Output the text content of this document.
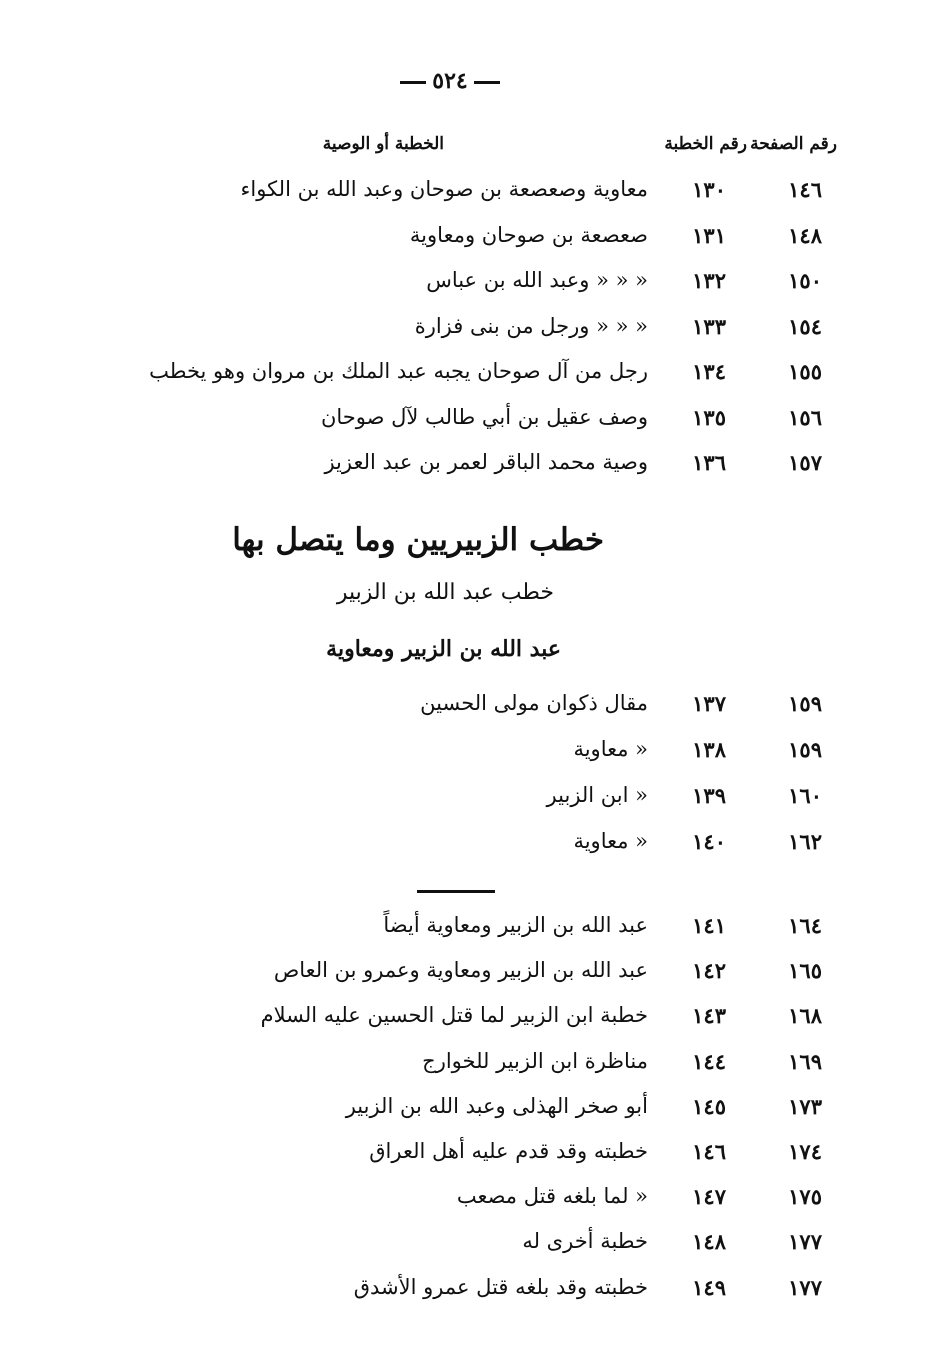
٥٢٤
رقم الصفحة
رقم الخطبة
الخطبة أو الوصية
١٤٦
١٣٠
معاوية وصعصعة بن صوحان وعبد الله بن الكواء
١٤٨
١٣١
صعصعة بن صوحان ومعاوية
١٥٠
١٣٢
« « « وعبد الله بن عباس
١٥٤
١٣٣
« « « ورجل من بنى فزارة
١٥٥
١٣٤
رجل من آل صوحان يجبه عبد الملك بن مروان وهو يخطب
١٥٦
١٣٥
وصف عقيل بن أبي طالب لآل صوحان
١٥٧
١٣٦
وصية محمد الباقر لعمر بن عبد العزيز
خطب الزبيريين وما يتصل بها
خطب عبد الله بن الزبير
عبد الله بن الزبير ومعاوية
١٥٩
١٣٧
مقال ذكوان مولى الحسين
١٥٩
١٣٨
« معاوية
١٦٠
١٣٩
« ابن الزبير
١٦٢
١٤٠
« معاوية
١٦٤
١٤١
عبد الله بن الزبير ومعاوية أيضاً
١٦٥
١٤٢
عبد الله بن الزبير ومعاوية وعمرو بن العاص
١٦٨
١٤٣
خطبة ابن الزبير لما قتل الحسين عليه السلام
١٦٩
١٤٤
مناظرة ابن الزبير للخوارج
١٧٣
١٤٥
أبو صخر الهذلى وعبد الله بن الزبير
١٧٤
١٤٦
خطبته وقد قدم عليه أهل العراق
١٧٥
١٤٧
« لما بلغه قتل مصعب
١٧٧
١٤٨
خطبة أخرى له
١٧٧
١٤٩
خطبته وقد بلغه قتل عمرو الأشدق
